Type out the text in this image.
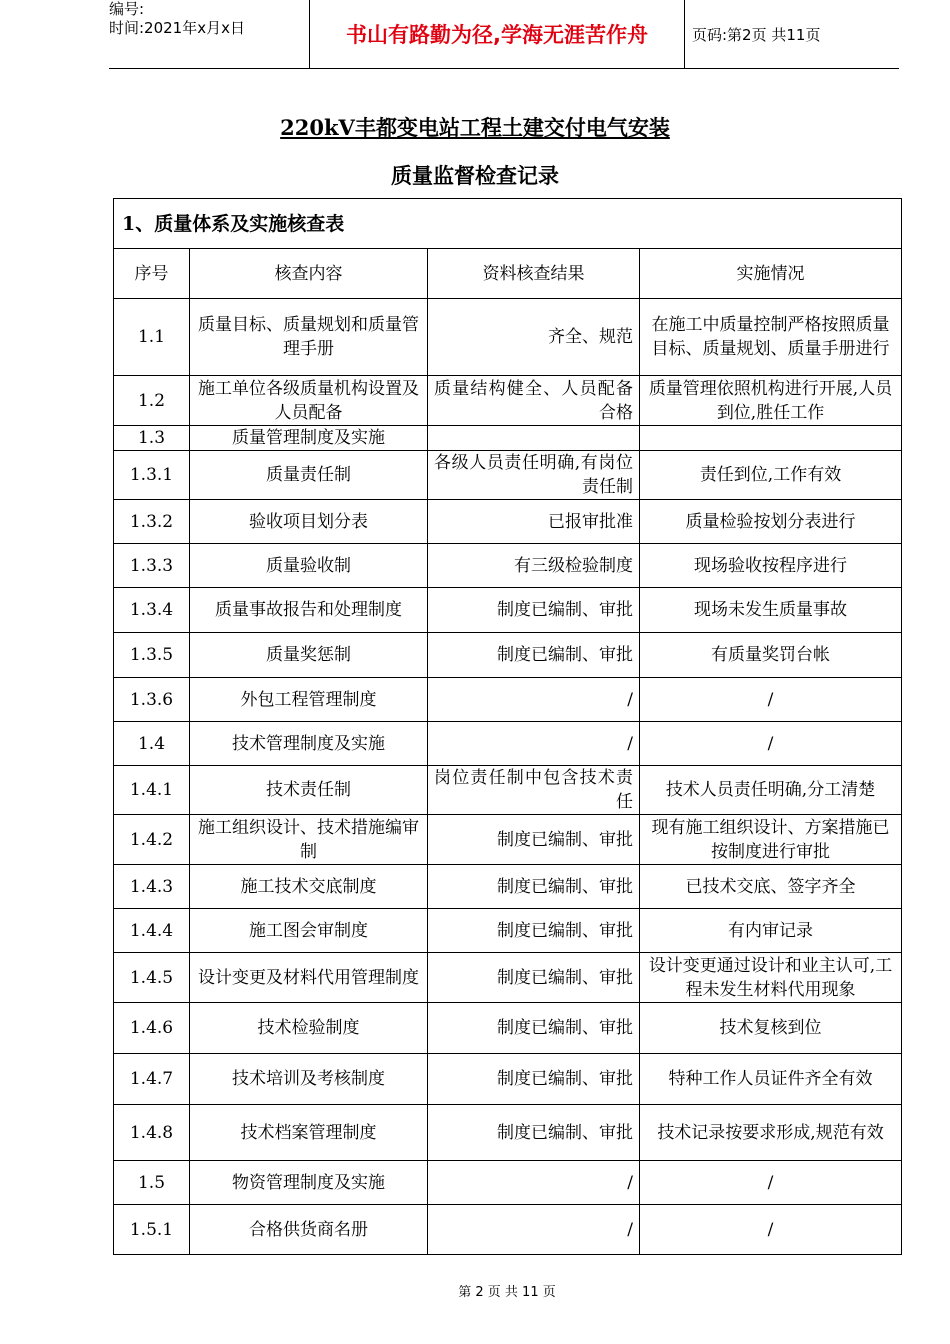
编号:
时间:2021年x月x日	书山有路勤为径,学海无涯苦作舟	页码:第2页 共11页
220kV丰都变电站工程土建交付电气安装
质量监督检查记录
1、质量体系及实施核查表			
序号	核查内容	资料核查结果	实施情况
1.1	质量目标、质量规划和质量管理手册	齐全、规范	在施工中质量控制严格按照质量目标、质量规划、质量手册进行
1.2	施工单位各级质量机构设置及人员配备	质量结构健全、人员配备合格	质量管理依照机构进行开展,人员到位,胜任工作
1.3	质量管理制度及实施		
1.3.1	质量责任制	各级人员责任明确,有岗位责任制	责任到位,工作有效
1.3.2	验收项目划分表	已报审批准	质量检验按划分表进行
1.3.3	质量验收制	有三级检验制度	现场验收按程序进行
1.3.4	质量事故报告和处理制度	制度已编制、审批	现场未发生质量事故
1.3.5	质量奖惩制	制度已编制、审批	有质量奖罚台帐
1.3.6	外包工程管理制度	/	/
1.4	技术管理制度及实施	/	/
1.4.1	技术责任制	岗位责任制中包含技术责任	技术人员责任明确,分工清楚
1.4.2	施工组织设计、技术措施编审制	制度已编制、审批	现有施工组织设计、方案措施已按制度进行审批
1.4.3	施工技术交底制度	制度已编制、审批	已技术交底、签字齐全
1.4.4	施工图会审制度	制度已编制、审批	有内审记录
1.4.5	设计变更及材料代用管理制度	制度已编制、审批	设计变更通过设计和业主认可,工程未发生材料代用现象
1.4.6	技术检验制度	制度已编制、审批	技术复核到位
1.4.7	技术培训及考核制度	制度已编制、审批	特种工作人员证件齐全有效
1.4.8	技术档案管理制度	制度已编制、审批	技术记录按要求形成,规范有效
1.5	物资管理制度及实施	/	/
1.5.1	合格供货商名册	/	/
第 2 页 共 11 页
